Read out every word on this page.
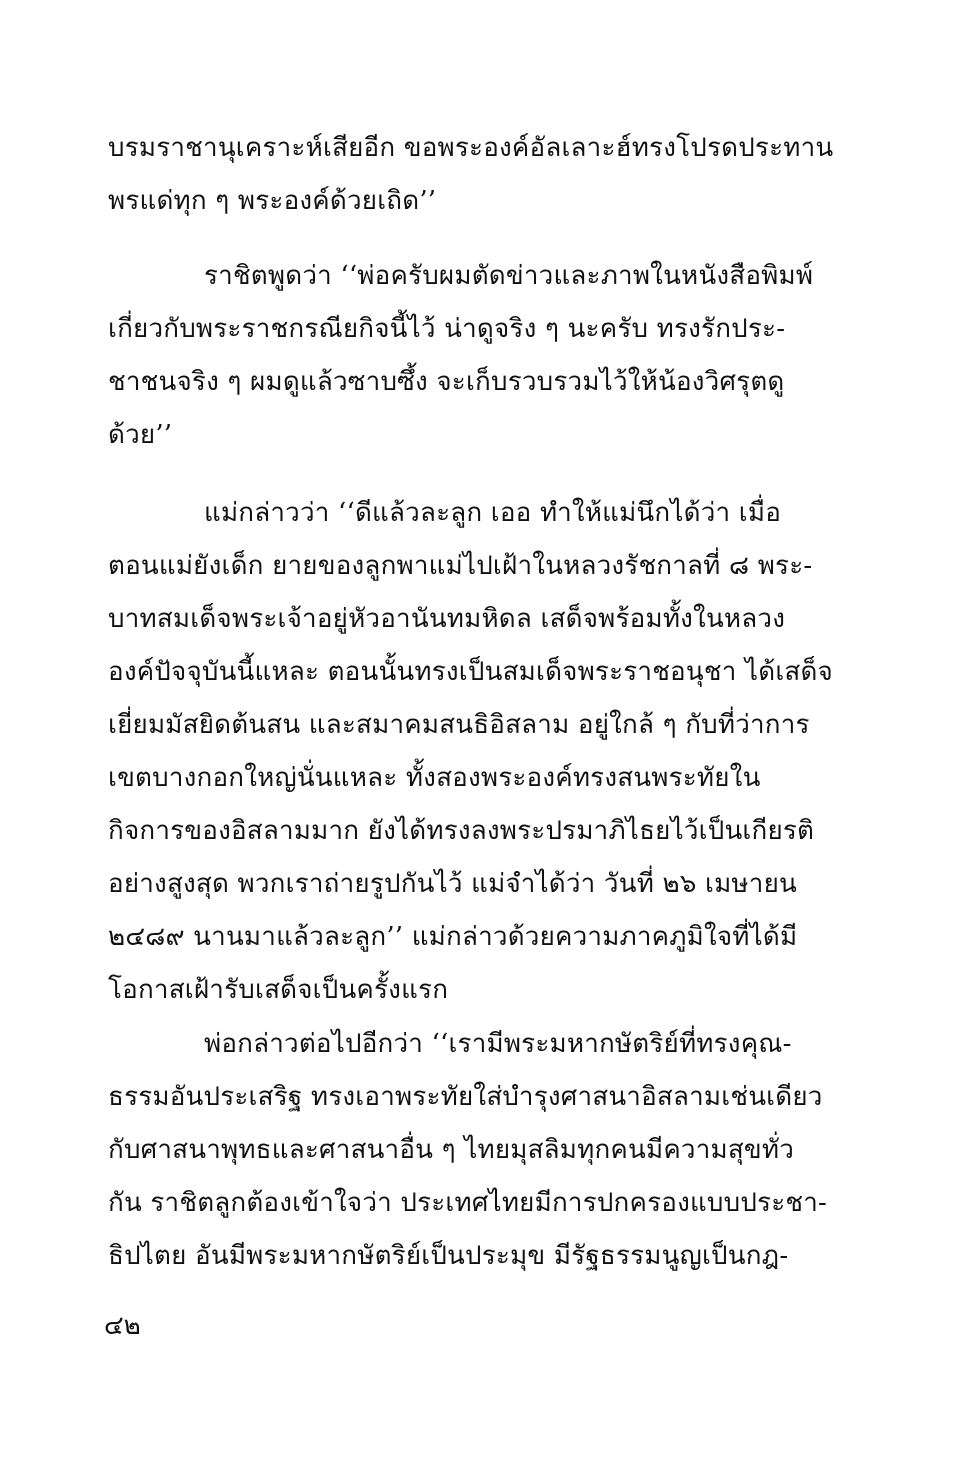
บรมราชานุเคราะห์เสียอีก ขอพระองค์อัลเลาะฮ์ทรงโปรดประทาน
พรแด่ทุก ๆ พระองค์ด้วยเถิด’’
ราชิตพูดว่า ‘‘พ่อครับผมตัดข่าวและภาพในหนังสือพิมพ์
เกี่ยวกับพระราชกรณียกิจนี้ไว้ น่าดูจริง ๆ นะครับ ทรงรักประ-
ชาชนจริง ๆ ผมดูแล้วซาบซึ้ง จะเก็บรวบรวมไว้ให้น้องวิศรุตดู
ด้วย’’
แม่กล่าวว่า ‘‘ดีแล้วละลูก เออ ทำให้แม่นึกได้ว่า เมื่อ
ตอนแม่ยังเด็ก ยายของลูกพาแม่ไปเฝ้าในหลวงรัชกาลที่ ๘ พระ-
บาทสมเด็จพระเจ้าอยู่หัวอานันทมหิดล เสด็จพร้อมทั้งในหลวง
องค์ปัจจุบันนี้แหละ ตอนนั้นทรงเป็นสมเด็จพระราชอนุชา ได้เสด็จ
เยี่ยมมัสยิดต้นสน และสมาคมสนธิอิสลาม อยู่ใกล้ ๆ กับที่ว่าการ
เขตบางกอกใหญ่นั่นแหละ ทั้งสองพระองค์ทรงสนพระทัยใน
กิจการของอิสลามมาก ยังได้ทรงลงพระปรมาภิไธยไว้เป็นเกียรติ
อย่างสูงสุด พวกเราถ่ายรูปกันไว้ แม่จำได้ว่า วันที่ ๒๖ เมษายน
๒๔๘๙ นานมาแล้วละลูก’’ แม่กล่าวด้วยความภาคภูมิใจที่ได้มี
โอกาสเฝ้ารับเสด็จเป็นครั้งแรก
พ่อกล่าวต่อไปอีกว่า ‘‘เรามีพระมหากษัตริย์ที่ทรงคุณ-
ธรรมอันประเสริฐ ทรงเอาพระทัยใส่บำรุงศาสนาอิสลามเช่นเดียว
กับศาสนาพุทธและศาสนาอื่น ๆ ไทยมุสลิมทุกคนมีความสุขทั่ว
กัน ราชิตลูกต้องเข้าใจว่า ประเทศไทยมีการปกครองแบบประชา-
ธิปไตย อันมีพระมหากษัตริย์เป็นประมุข มีรัฐธรรมนูญเป็นกฎ-
๔๒
